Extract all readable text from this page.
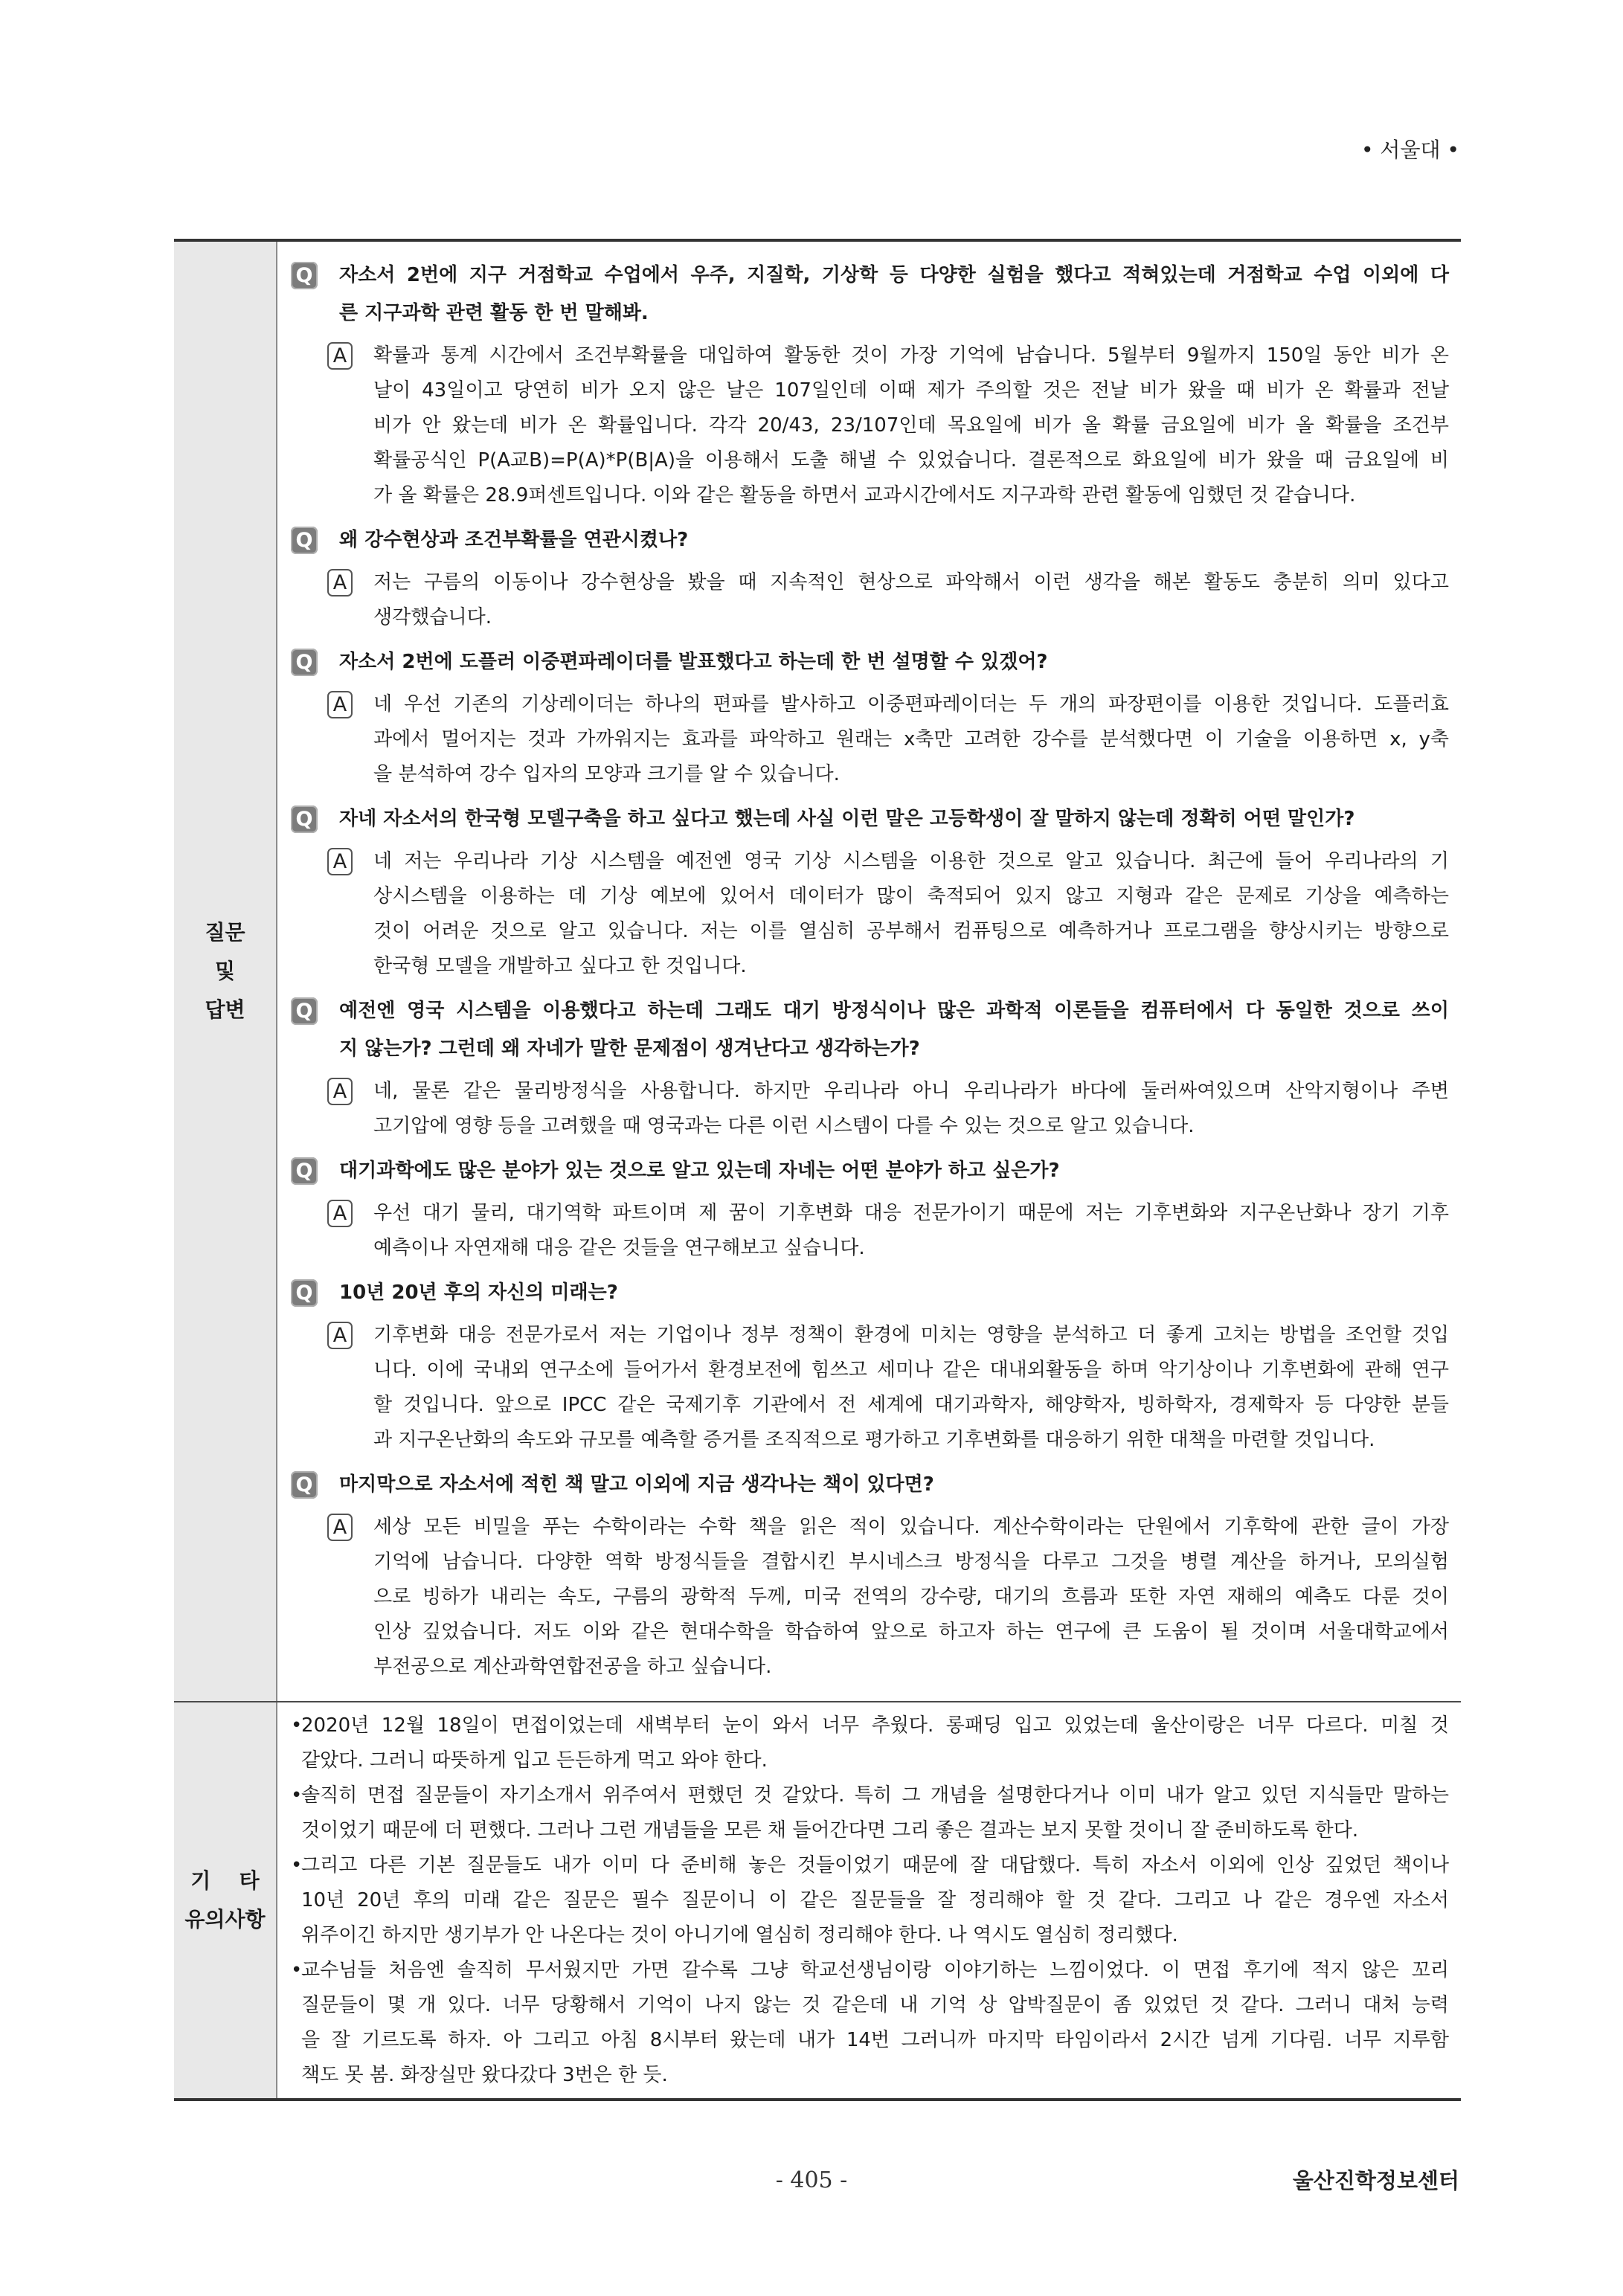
• 서울대 •
질문
및
답변
Q 자소서 2번에 지구 거점학교 수업에서 우주, 지질학, 기상학 등 다양한 실험을 했다고 적혀있는데 거점학교 수업 이외에 다
른 지구과학 관련 활동 한 번 말해봐.
A 확률과 통계 시간에서 조건부확률을 대입하여 활동한 것이 가장 기억에 남습니다. 5월부터 9월까지 150일 동안 비가 온
날이 43일이고 당연히 비가 오지 않은 날은 107일인데 이때 제가 주의할 것은 전날 비가 왔을 때 비가 온 확률과 전날
비가 안 왔는데 비가 온 확률입니다. 각각 20/43, 23/107인데 목요일에 비가 올 확률 금요일에 비가 올 확률을 조건부
확률공식인 P(A교B)=P(A)*P(B|A)을 이용해서 도출 해낼 수 있었습니다. 결론적으로 화요일에 비가 왔을 때 금요일에 비
가 올 확률은 28.9퍼센트입니다. 이와 같은 활동을 하면서 교과시간에서도 지구과학 관련 활동에 임했던 것 같습니다.
Q 왜 강수현상과 조건부확률을 연관시켰나?
A 저는 구름의 이동이나 강수현상을 봤을 때 지속적인 현상으로 파악해서 이런 생각을 해본 활동도 충분히 의미 있다고
생각했습니다.
Q 자소서 2번에 도플러 이중편파레이더를 발표했다고 하는데 한 번 설명할 수 있겠어?
A 네 우선 기존의 기상레이더는 하나의 편파를 발사하고 이중편파레이더는 두 개의 파장편이를 이용한 것입니다. 도플러효
과에서 멀어지는 것과 가까워지는 효과를 파악하고 원래는 x축만 고려한 강수를 분석했다면 이 기술을 이용하면 x, y축
을 분석하여 강수 입자의 모양과 크기를 알 수 있습니다.
Q 자네 자소서의 한국형 모델구축을 하고 싶다고 했는데 사실 이런 말은 고등학생이 잘 말하지 않는데 정확히 어떤 말인가?
A 네 저는 우리나라 기상 시스템을 예전엔 영국 기상 시스템을 이용한 것으로 알고 있습니다. 최근에 들어 우리나라의 기
상시스템을 이용하는 데 기상 예보에 있어서 데이터가 많이 축적되어 있지 않고 지형과 같은 문제로 기상을 예측하는
것이 어려운 것으로 알고 있습니다. 저는 이를 열심히 공부해서 컴퓨팅으로 예측하거나 프로그램을 향상시키는 방향으로
한국형 모델을 개발하고 싶다고 한 것입니다.
Q 예전엔 영국 시스템을 이용했다고 하는데 그래도 대기 방정식이나 많은 과학적 이론들을 컴퓨터에서 다 동일한 것으로 쓰이
지 않는가? 그런데 왜 자네가 말한 문제점이 생겨난다고 생각하는가?
A 네, 물론 같은 물리방정식을 사용합니다. 하지만 우리나라 아니 우리나라가 바다에 둘러싸여있으며 산악지형이나 주변
고기압에 영향 등을 고려했을 때 영국과는 다른 이런 시스템이 다를 수 있는 것으로 알고 있습니다.
Q 대기과학에도 많은 분야가 있는 것으로 알고 있는데 자네는 어떤 분야가 하고 싶은가?
A 우선 대기 물리, 대기역학 파트이며 제 꿈이 기후변화 대응 전문가이기 때문에 저는 기후변화와 지구온난화나 장기 기후
예측이나 자연재해 대응 같은 것들을 연구해보고 싶습니다.
Q 10년 20년 후의 자신의 미래는?
A 기후변화 대응 전문가로서 저는 기업이나 정부 정책이 환경에 미치는 영향을 분석하고 더 좋게 고치는 방법을 조언할 것입
니다. 이에 국내외 연구소에 들어가서 환경보전에 힘쓰고 세미나 같은 대내외활동을 하며 악기상이나 기후변화에 관해 연구
할 것입니다. 앞으로 IPCC 같은 국제기후 기관에서 전 세계에 대기과학자, 해양학자, 빙하학자, 경제학자 등 다양한 분들
과 지구온난화의 속도와 규모를 예측할 증거를 조직적으로 평가하고 기후변화를 대응하기 위한 대책을 마련할 것입니다.
Q 마지막으로 자소서에 적힌 책 말고 이외에 지금 생각나는 책이 있다면?
A 세상 모든 비밀을 푸는 수학이라는 수학 책을 읽은 적이 있습니다. 계산수학이라는 단원에서 기후학에 관한 글이 가장
기억에 남습니다. 다양한 역학 방정식들을 결합시킨 부시네스크 방정식을 다루고 그것을 병렬 계산을 하거나, 모의실험
으로 빙하가 내리는 속도, 구름의 광학적 두께, 미국 전역의 강수량, 대기의 흐름과 또한 자연 재해의 예측도 다룬 것이
인상 깊었습니다. 저도 이와 같은 현대수학을 학습하여 앞으로 하고자 하는 연구에 큰 도움이 될 것이며 서울대학교에서
부전공으로 계산과학연합전공을 하고 싶습니다.
기 타
유의사항
•
2020년 12월 18일이 면접이었는데 새벽부터 눈이 와서 너무 추웠다. 롱패딩 입고 있었는데 울산이랑은 너무 다르다. 미칠 것
같았다. 그러니 따뜻하게 입고 든든하게 먹고 와야 한다.
•
솔직히 면접 질문들이 자기소개서 위주여서 편했던 것 같았다. 특히 그 개념을 설명한다거나 이미 내가 알고 있던 지식들만 말하는
것이었기 때문에 더 편했다. 그러나 그런 개념들을 모른 채 들어간다면 그리 좋은 결과는 보지 못할 것이니 잘 준비하도록 한다.
•
그리고 다른 기본 질문들도 내가 이미 다 준비해 놓은 것들이었기 때문에 잘 대답했다. 특히 자소서 이외에 인상 깊었던 책이나
10년 20년 후의 미래 같은 질문은 필수 질문이니 이 같은 질문들을 잘 정리해야 할 것 같다. 그리고 나 같은 경우엔 자소서
위주이긴 하지만 생기부가 안 나온다는 것이 아니기에 열심히 정리해야 한다. 나 역시도 열심히 정리했다.
•
교수님들 처음엔 솔직히 무서웠지만 가면 갈수록 그냥 학교선생님이랑 이야기하는 느낌이었다. 이 면접 후기에 적지 않은 꼬리
질문들이 몇 개 있다. 너무 당황해서 기억이 나지 않는 것 같은데 내 기억 상 압박질문이 좀 있었던 것 같다. 그러니 대처 능력
을 잘 기르도록 하자. 아 그리고 아침 8시부터 왔는데 내가 14번 그러니까 마지막 타임이라서 2시간 넘게 기다림. 너무 지루함
책도 못 봄. 화장실만 왔다갔다 3번은 한 듯.
- 405 -	울산진학정보센터
